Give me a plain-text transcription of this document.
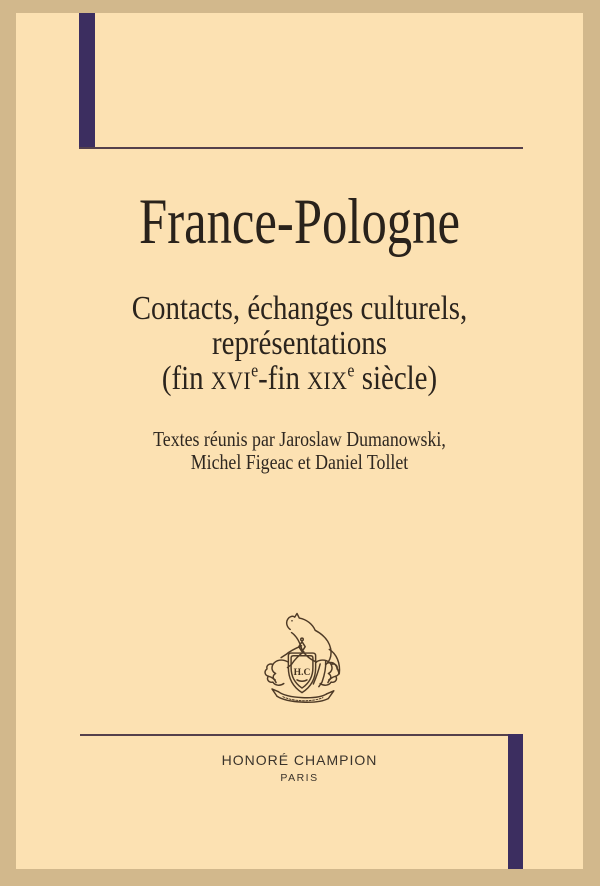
France-Pologne
Contacts, échanges culturels,
représentations
(fin XVIe-fin XIXe siècle)
Textes réunis par Jaroslaw Dumanowski,
Michel Figeac et Daniel Tollet
H.C
HONORÉ CHAMPION
PARIS
